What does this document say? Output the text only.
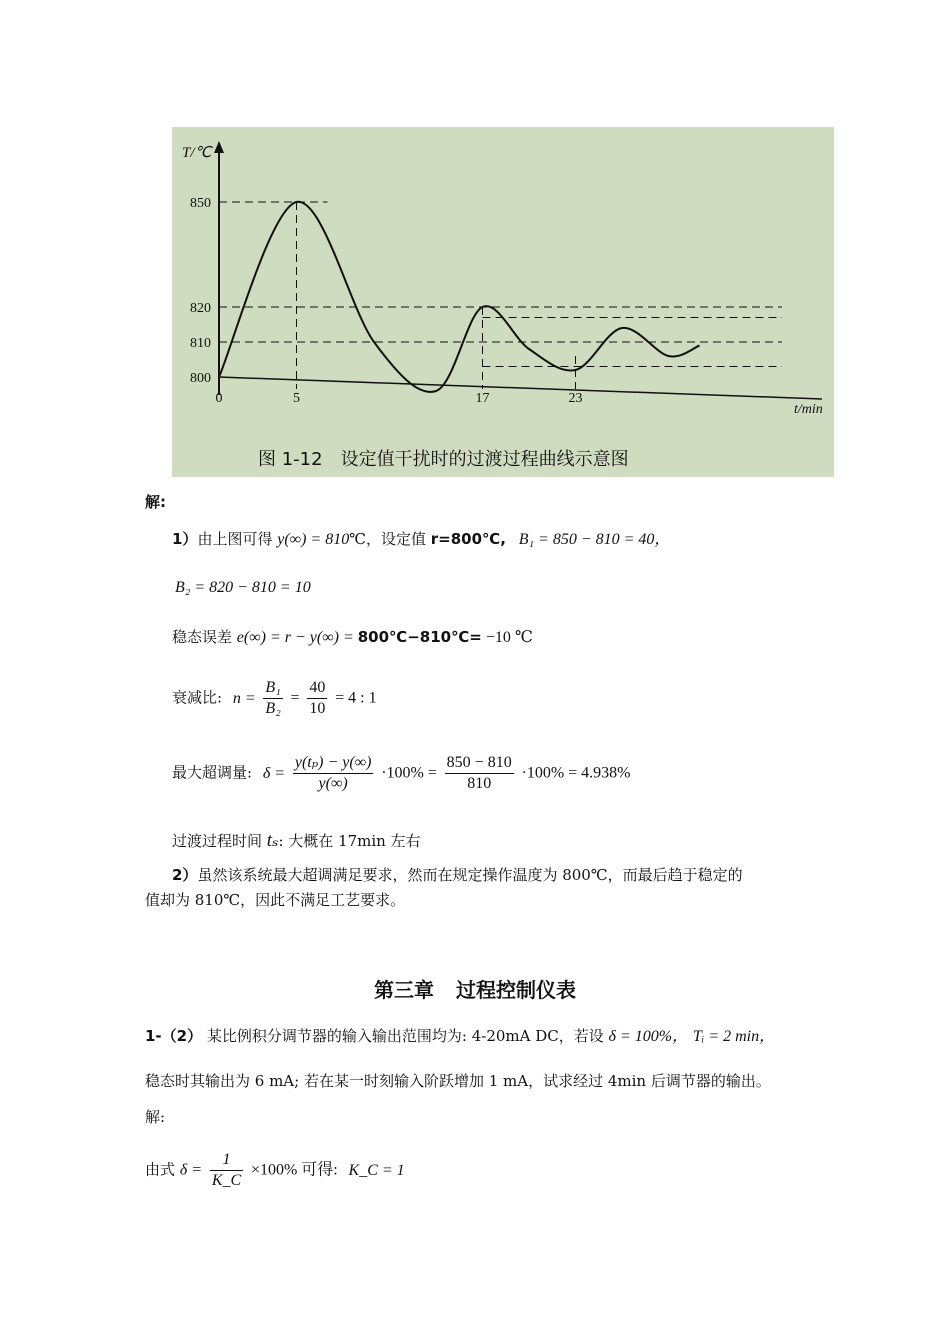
800
810
820
850
0	5	17	23
T/℃
t/min
图 1-12　设定值干扰时的过渡过程曲线示意图
解:
1）由上图可得 y(∞) = 810℃，设定值 r=800℃, B₁ = 850 − 810 = 40，
B₂ = 820 − 810 = 10
稳态误差 e(∞) = r − y(∞) = 800℃−810℃= −10 ℃
衰减比: $n = \frac{\text{B₁}}{\text{B₂}} = \frac{40}{10} = 4$ : 1
最大超调量: $\delta = \frac{\text{y(tₚ) − y(∞)}}{y(\infty)} \cdot 100\% = \frac{850 - 810}{810} \cdot 100\% = 4.938\%$
过渡过程时间 tₛ: 大概在 17min 左右
2）虽然该系统最大超调满足要求，然而在规定操作温度为 800℃，而最后趋于稳定的
值却为 810℃，因此不满足工艺要求。
第三章 过程控制仪表
1-（2） 某比例积分调节器的输入输出范围均为: 4-20mA DC，若设 δ = 100%， Tᵢ = 2 min，
稳态时其输出为 6 mA; 若在某一时刻输入阶跃增加 1 mA，试求经过 4min 后调节器的输出。
解:
由式 $\delta = \frac{1}{K\_C} \times 100\%$ 可得: K_C = 1
